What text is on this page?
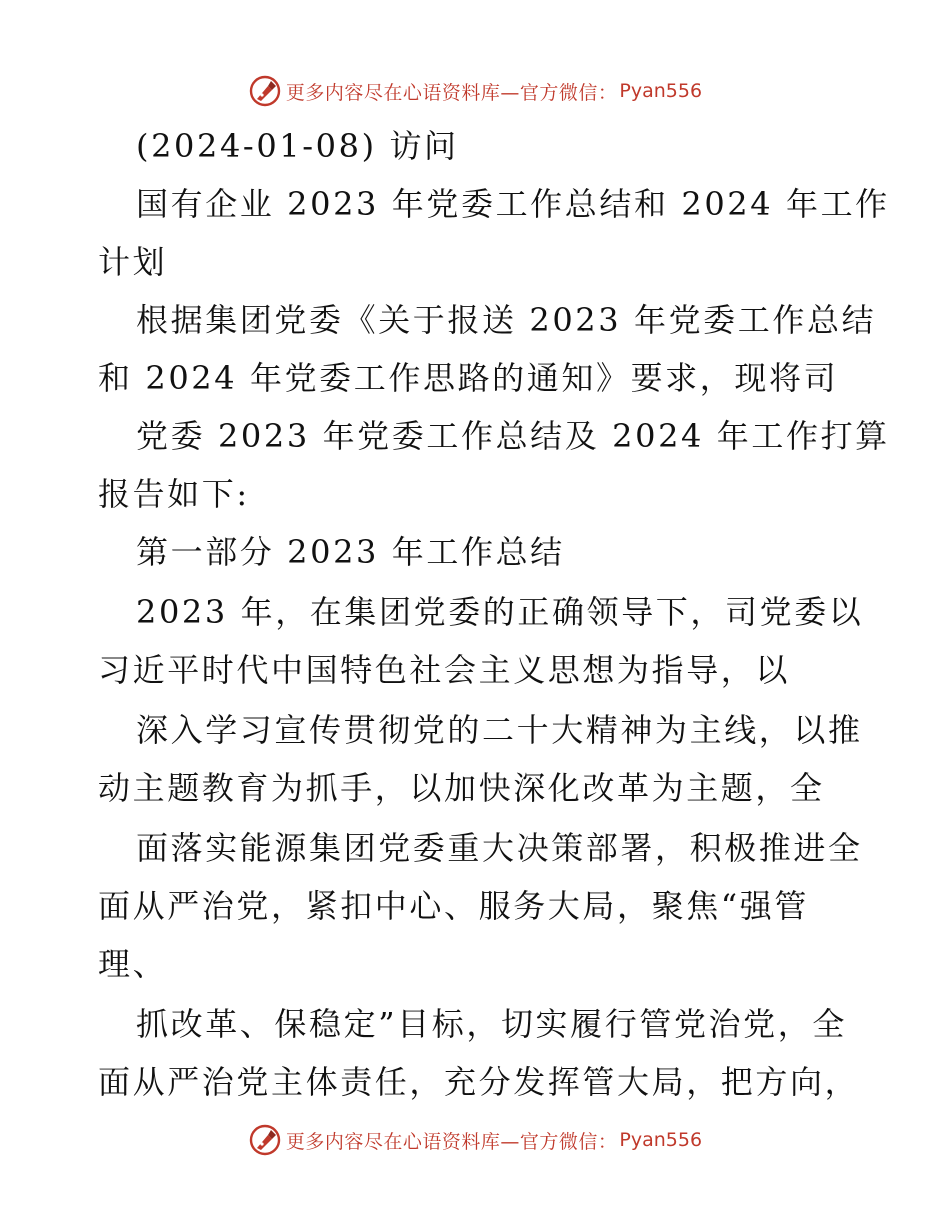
更多内容尽在心语资料库—官方微信： Pyan556
(2024-01-08) 访问
国有企业 2023 年党委工作总结和 2024 年工作
计划
根据集团党委《关于报送 2023 年党委工作总结
和 2024 年党委工作思路的通知》要求，现将司
党委 2023 年党委工作总结及 2024 年工作打算
报告如下:
第一部分 2023 年工作总结
2023 年，在集团党委的正确领导下，司党委以
习近平时代中国特色社会主义思想为指导，以
深入学习宣传贯彻党的二十大精神为主线，以推
动主题教育为抓手，以加快深化改革为主题，全
面落实能源集团党委重大决策部署，积极推进全
面从严治党，紧扣中心、服务大局，聚焦“强管
理、
抓改革、保稳定”目标，切实履行管党治党，全
面从严治党主体责任，充分发挥管大局，把方向，
更多内容尽在心语资料库—官方微信： Pyan556
